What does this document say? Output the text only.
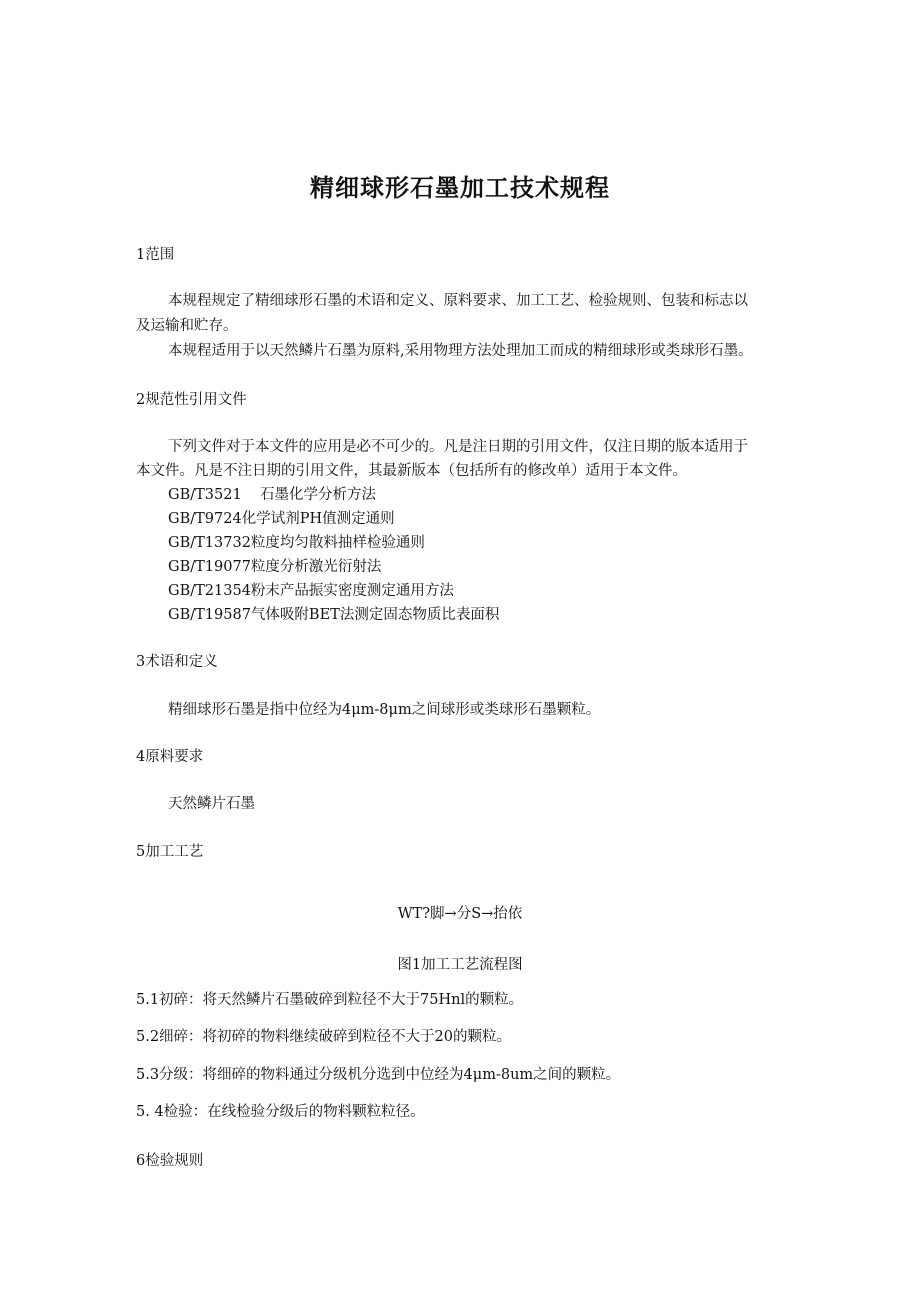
精细球形石墨加工技术规程

1范围

本规程规定了精细球形石墨的术语和定义、原料要求、加工工艺、检验规则、包装和标志以

及运输和贮存。

本规程适用于以天然鳞片石墨为原料,采用物理方法处理加工而成的精细球形或类球形石墨。

2规范性引用文件

下列文件对于本文件的应用是必不可少的。凡是注日期的引用文件，仅注日期的版本适用于

本文件。凡是不注日期的引用文件，其最新版本（包括所有的修改单）适用于本文件。

GB/T3521 石墨化学分析方法

GB/T9724化学试剂PH值测定通则

GB/T13732粒度均匀散料抽样检验通则

GB/T19077粒度分析激光衍射法

GB/T21354粉末产品振实密度测定通用方法

GB/T19587气体吸附BET法测定固态物质比表面积

3术语和定义

精细球形石墨是指中位经为4μm-8μm之间球形或类球形石墨颗粒。

4原料要求

天然鳞片石墨

5加工工艺

WT?脚→分S→抬依

图1加工工艺流程图

5.1初碎：将天然鳞片石墨破碎到粒径不大于75Hnl的颗粒。

5.2细碎：将初碎的物料继续破碎到粒径不大于20的颗粒。

5.3分级：将细碎的物料通过分级机分选到中位经为4μm-8um之间的颗粒。

5. 4检验：在线检验分级后的物料颗粒粒径。

6检验规则
